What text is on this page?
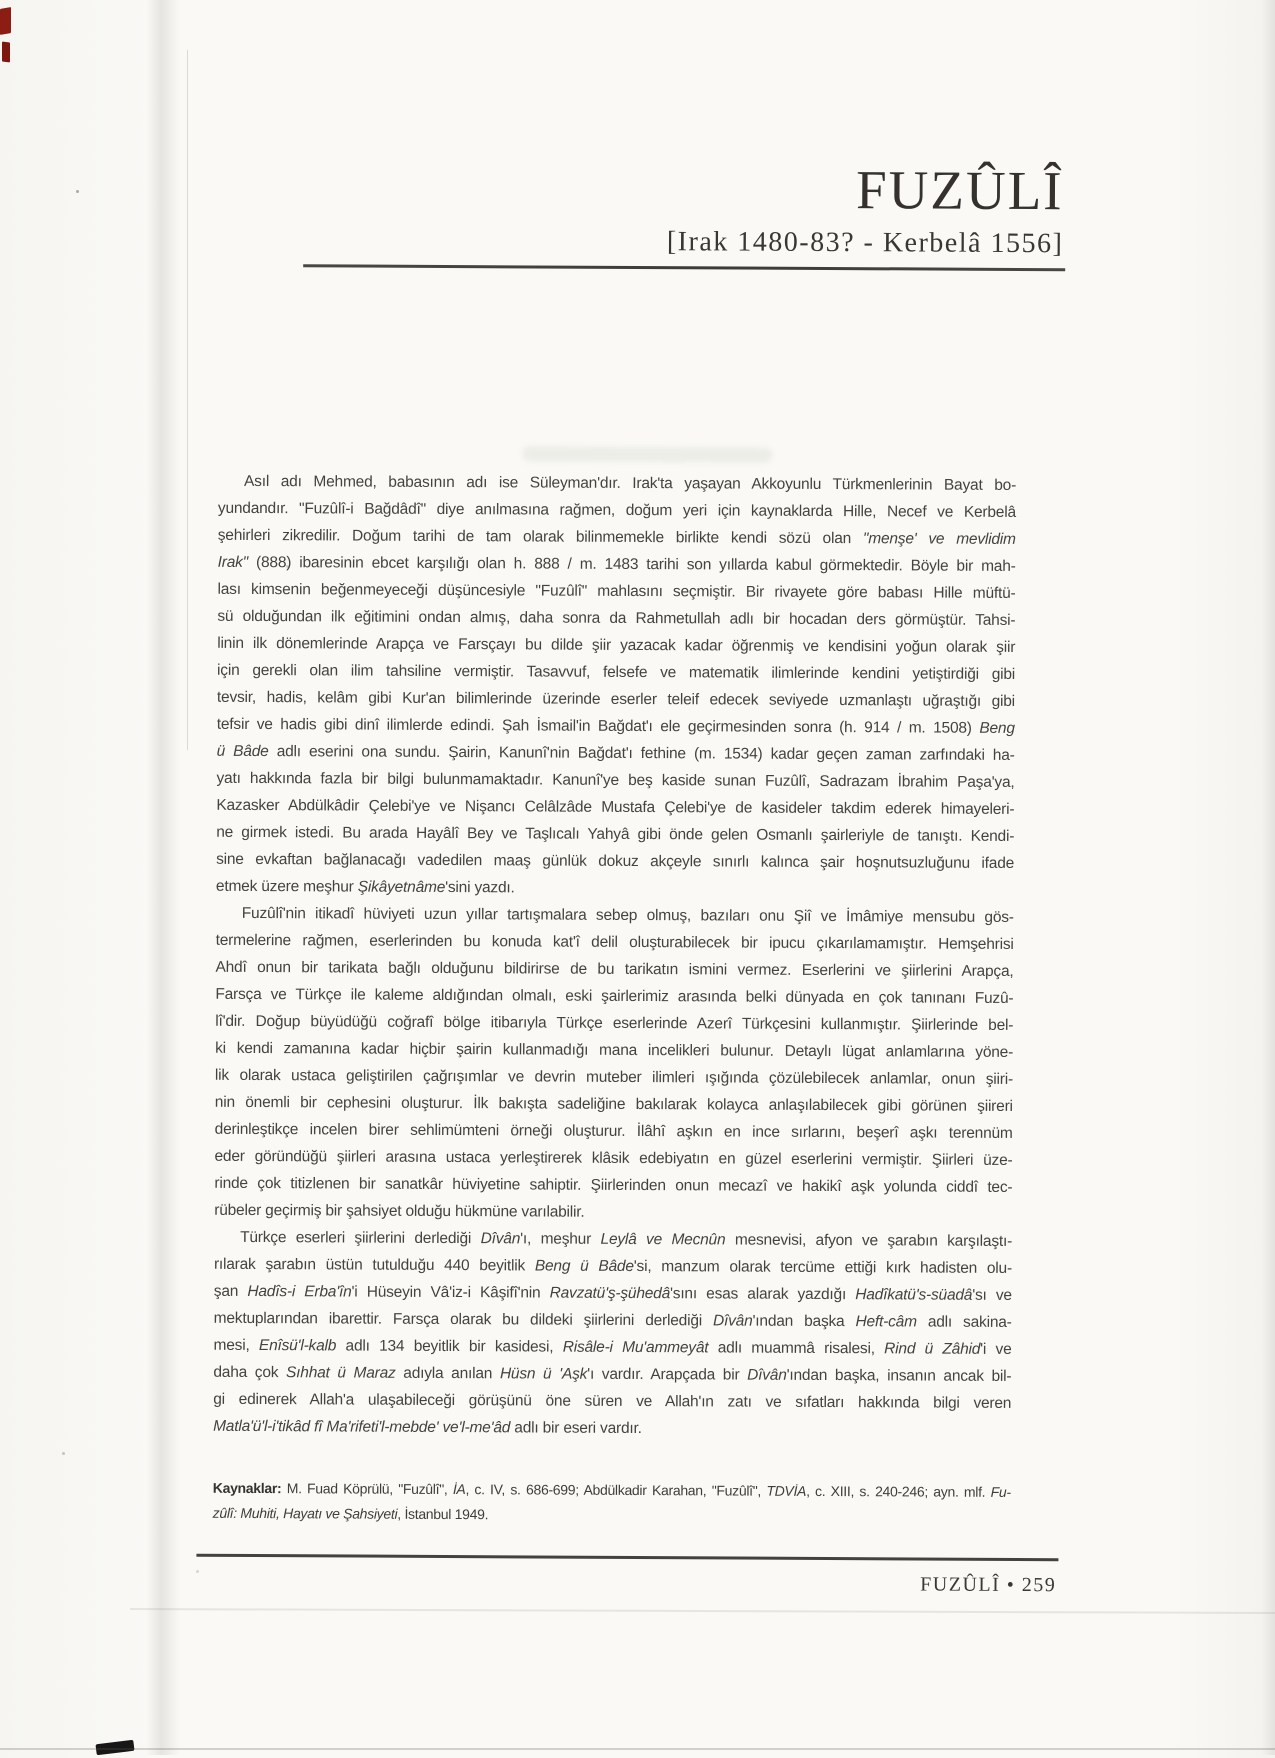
FUZÛLÎ
[Irak 1480-83? - Kerbelâ 1556]
Asıl adı Mehmed, babasının adı ise Süleyman'dır. Irak'ta yaşayan Akkoyunlu Türkmenlerinin Bayat bo-
yundandır. "Fuzûlî-i Bağdâdî" diye anılmasına rağmen, doğum yeri için kaynaklarda Hille, Necef ve Kerbelâ
şehirleri zikredilir. Doğum tarihi de tam olarak bilinmemekle birlikte kendi sözü olan "menşe' ve mevlidim
Irak" (888) ibaresinin ebcet karşılığı olan h. 888 / m. 1483 tarihi son yıllarda kabul görmektedir. Böyle bir mah-
lası kimsenin beğenmeyeceği düşüncesiyle "Fuzûlî" mahlasını seçmiştir. Bir rivayete göre babası Hille müftü-
sü olduğundan ilk eğitimini ondan almış, daha sonra da Rahmetullah adlı bir hocadan ders görmüştür. Tahsi-
linin ilk dönemlerinde Arapça ve Farsçayı bu dilde şiir yazacak kadar öğrenmiş ve kendisini yoğun olarak şiir
için gerekli olan ilim tahsiline vermiştir. Tasavvuf, felsefe ve matematik ilimlerinde kendini yetiştirdiği gibi
tevsir, hadis, kelâm gibi Kur'an bilimlerinde üzerinde eserler teleif edecek seviyede uzmanlaştı uğraştığı gibi
tefsir ve hadis gibi dinî ilimlerde edindi. Şah İsmail'in Bağdat'ı ele geçirmesinden sonra (h. 914 / m. 1508) Beng
ü Bâde adlı eserini ona sundu. Şairin, Kanunî'nin Bağdat'ı fethine (m. 1534) kadar geçen zaman zarfındaki ha-
yatı hakkında fazla bir bilgi bulunmamaktadır. Kanunî'ye beş kaside sunan Fuzûlî, Sadrazam İbrahim Paşa'ya,
Kazasker Abdülkâdir Çelebi'ye ve Nişancı Celâlzâde Mustafa Çelebi'ye de kasideler takdim ederek himayeleri-
ne girmek istedi. Bu arada Hayâlî Bey ve Taşlıcalı Yahyâ gibi önde gelen Osmanlı şairleriyle de tanıştı. Kendi-
sine evkaftan bağlanacağı vadedilen maaş günlük dokuz akçeyle sınırlı kalınca şair hoşnutsuzluğunu ifade
etmek üzere meşhur Şikâyetnâme'sini yazdı.
Fuzûlî'nin itikadî hüviyeti uzun yıllar tartışmalara sebep olmuş, bazıları onu Şiî ve İmâmiye mensubu gös-
termelerine rağmen, eserlerinden bu konuda kat'î delil oluşturabilecek bir ipucu çıkarılamamıştır. Hemşehrisi
Ahdî onun bir tarikata bağlı olduğunu bildirirse de bu tarikatın ismini vermez. Eserlerini ve şiirlerini Arapça,
Farsça ve Türkçe ile kaleme aldığından olmalı, eski şairlerimiz arasında belki dünyada en çok tanınanı Fuzû-
lî'dir. Doğup büyüdüğü coğrafî bölge itibarıyla Türkçe eserlerinde Azerî Türkçesini kullanmıştır. Şiirlerinde bel-
ki kendi zamanına kadar hiçbir şairin kullanmadığı mana incelikleri bulunur. Detaylı lügat anlamlarına yöne-
lik olarak ustaca geliştirilen çağrışımlar ve devrin muteber ilimleri ışığında çözülebilecek anlamlar, onun şiiri-
nin önemli bir cephesini oluşturur. İlk bakışta sadeliğine bakılarak kolayca anlaşılabilecek gibi görünen şiireri
derinleştikçe incelen birer sehlimümteni örneği oluşturur. İlâhî aşkın en ince sırlarını, beşerî aşkı terennüm
eder göründüğü şiirleri arasına ustaca yerleştirerek klâsik edebiyatın en güzel eserlerini vermiştir. Şiirleri üze-
rinde çok titizlenen bir sanatkâr hüviyetine sahiptir. Şiirlerinden onun mecazî ve hakikî aşk yolunda ciddî tec-
rübeler geçirmiş bir şahsiyet olduğu hükmüne varılabilir.
Türkçe eserleri şiirlerini derlediği Dîvân'ı, meşhur Leylâ ve Mecnûn mesnevisi, afyon ve şarabın karşılaştı-
rılarak şarabın üstün tutulduğu 440 beyitlik Beng ü Bâde'si, manzum olarak tercüme ettiği kırk hadisten olu-
şan Hadîs-i Erba'în'i Hüseyin Vâ'iz-i Kâşifî'nin Ravzatü'ş-şühedâ'sını esas alarak yazdığı Hadîkatü's-süadâ'sı ve
mektuplarından ibarettir. Farsça olarak bu dildeki şiirlerini derlediği Dîvân'ından başka Heft-câm adlı sakina-
mesi, Enîsü'l-kalb adlı 134 beyitlik bir kasidesi, Risâle-i Mu'ammeyât adlı muammâ risalesi, Rind ü Zâhid'i ve
daha çok Sıhhat ü Maraz adıyla anılan Hüsn ü 'Aşk'ı vardır. Arapçada bir Dîvân'ından başka, insanın ancak bil-
gi edinerek Allah'a ulaşabileceği görüşünü öne süren ve Allah'ın zatı ve sıfatları hakkında bilgi veren
Matla'ü'l-i'tikâd fî Ma'rifeti'l-mebde' ve'l-me'âd adlı bir eseri vardır.
Kaynaklar: M. Fuad Köprülü, "Fuzûlî", İA, c. IV, s. 686-699; Abdülkadir Karahan, "Fuzûlî", TDVİA, c. XIII, s. 240-246; ayn. mlf. Fu-
zûlî: Muhiti, Hayatı ve Şahsiyeti, İstanbul 1949.
FUZÛLÎ • 259
